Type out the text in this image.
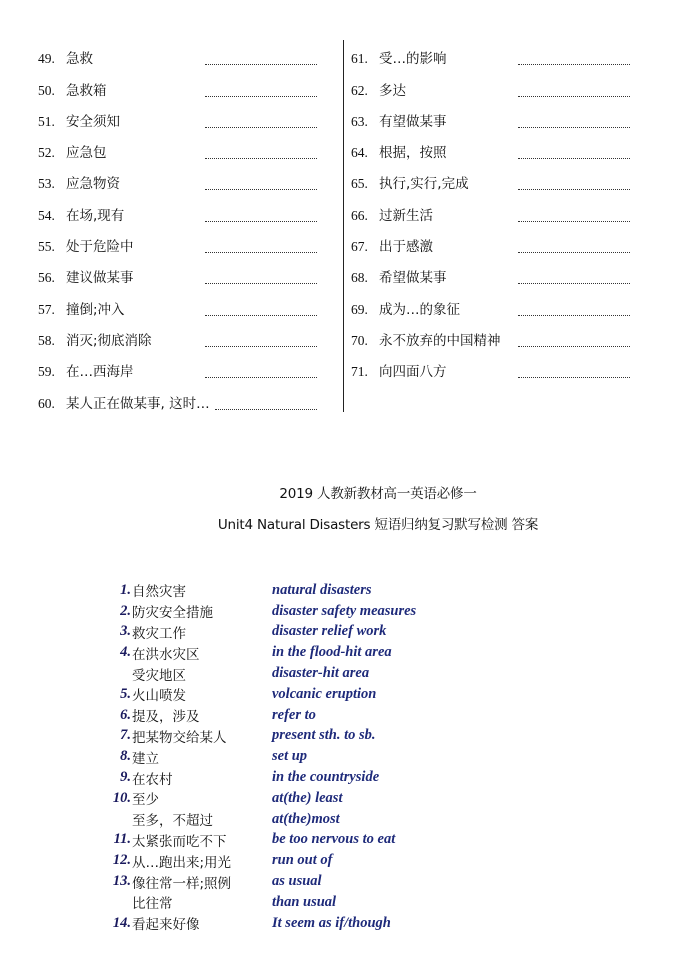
49. 急救
50. 急救箱
51. 安全须知
52. 应急包
53. 应急物资
54. 在场,现有
55. 处于危险中
56. 建议做某事
57. 撞倒;冲入
58. 消灭;彻底消除
59. 在…西海岸
60. 某人正在做某事, 这时…
61. 受…的影响
62. 多达
63. 有望做某事
64. 根据，按照
65. 执行,实行,完成
66. 过新生活
67. 出于感激
68. 希望做某事
69. 成为…的象征
70. 永不放弃的中国精神
71. 向四面八方
2019 人教新教材高一英语必修一
Unit4 Natural Disasters 短语归纳复习默写检测 答案
1. 自然灾害	natural disasters
2. 防灾安全措施	disaster safety measures
3. 救灾工作	disaster relief work
4. 在洪水灾区	in the flood-hit area
受灾地区	disaster-hit area
5. 火山喷发	volcanic eruption
6. 提及，涉及	refer to
7. 把某物交给某人	present sth. to sb.
8. 建立	set up
9. 在农村	in the countryside
10. 至少	at(the) least
至多，不超过	at(the)most
11. 太紧张而吃不下	be too nervous to eat
12. 从…跑出来;用光	run out of
13. 像往常一样;照例	as usual
比往常	than usual
14. 看起来好像	It seem as if/though
